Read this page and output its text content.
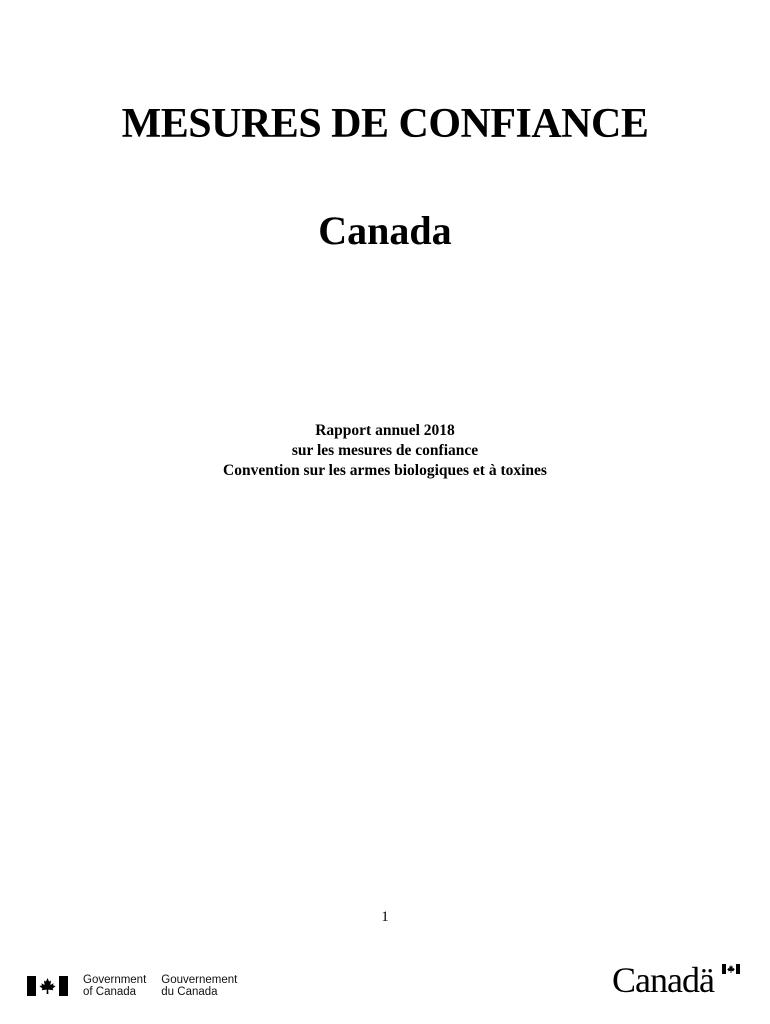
MESURES DE CONFIANCE
Canada
Rapport annuel 2018
sur les mesures de confiance
Convention sur les armes biologiques et à toxines
1
Government
of Canada
Gouvernement
du Canada	Canadä
